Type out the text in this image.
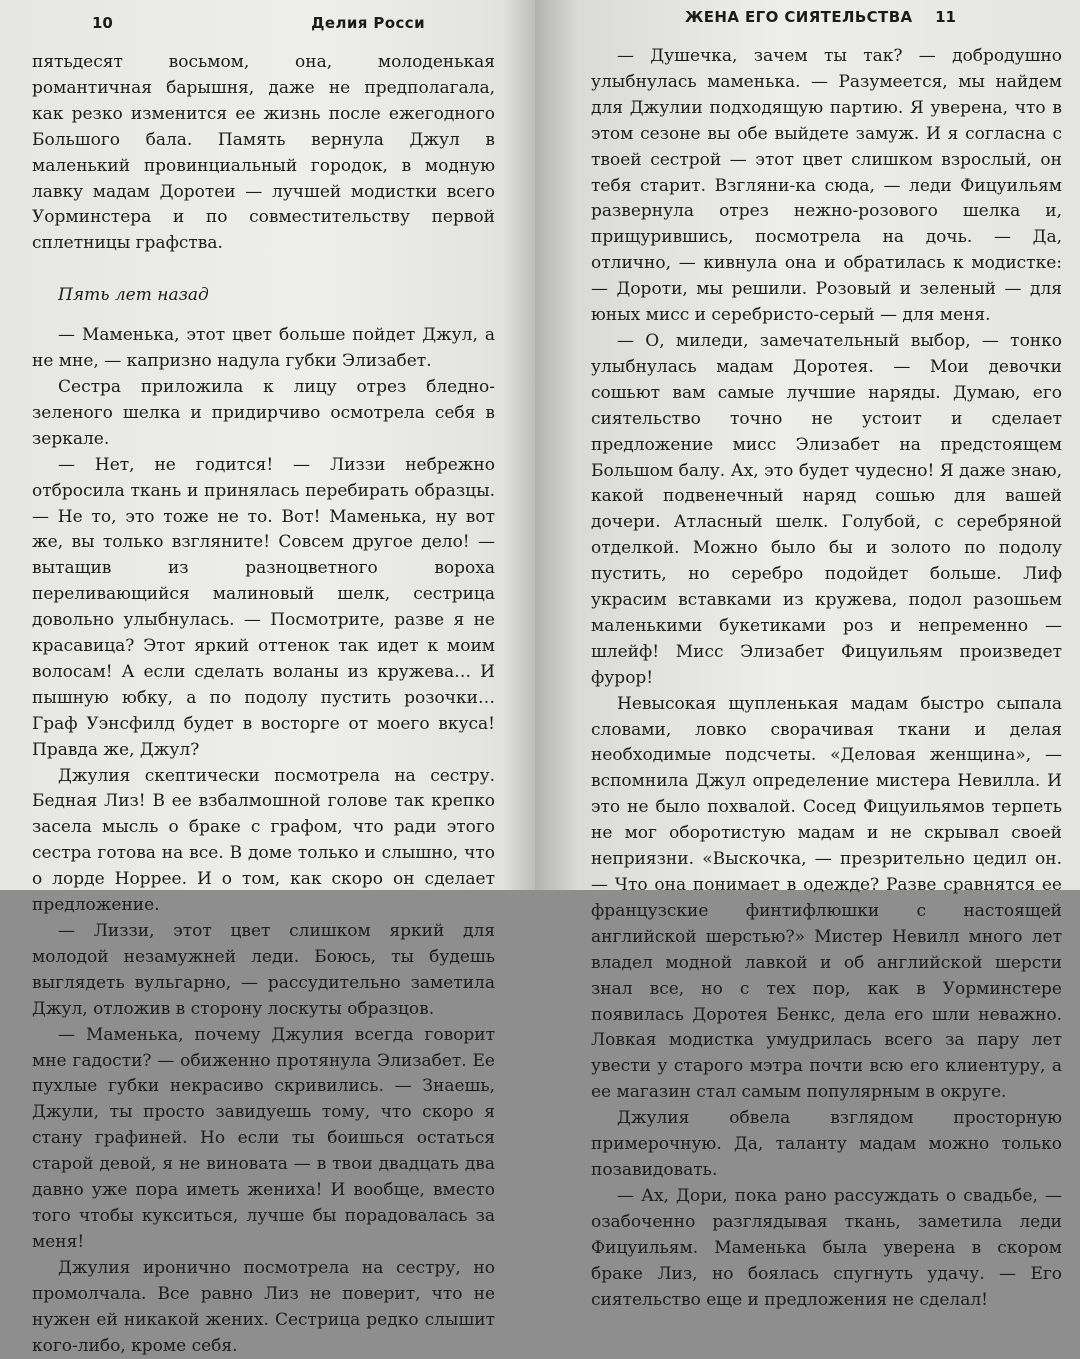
10	Делия Росси

пятьдесят восьмом, она, молоденькая романтичная барышня, даже не предполагала, как резко изменится ее жизнь после ежегодного Большого бала. Память вернула Джул в маленький провинциальный городок, в модную лавку мадам Доротеи — лучшей модистки всего Уорминстера и по совместительству первой сплетницы графства.

Пять лет назад

— Маменька, этот цвет больше пойдет Джул, а не мне, — капризно надула губки Элизабет.

Сестра приложила к лицу отрез бледно-зеленого шелка и придирчиво осмотрела себя в зеркале.

— Нет, не годится! — Лиззи небрежно отбросила ткань и принялась перебирать образцы. — Не то, это тоже не то. Вот! Маменька, ну вот же, вы только взгляните! Совсем другое дело! — вытащив из разноцветного вороха переливающийся малиновый шелк, сестрица довольно улыбнулась. — Посмотрите, разве я не красавица? Этот яркий оттенок так идет к моим волосам! А если сделать воланы из кружева… И пышную юбку, а по подолу пустить розочки… Граф Уэнсфилд будет в восторге от моего вкуса! Правда же, Джул?

Джулия скептически посмотрела на сестру. Бедная Лиз! В ее взбалмошной голове так крепко засела мысль о браке с графом, что ради этого сестра готова на все. В доме только и слышно, что о лорде Норрее. И о том, как скоро он сделает предложение.

— Лиззи, этот цвет слишком яркий для молодой незамужней леди. Боюсь, ты будешь выглядеть вульгарно, — рассудительно заметила Джул, отложив в сторону лоскуты образцов.

— Маменька, почему Джулия всегда говорит мне гадости? — обиженно протянула Элизабет. Ее пухлые губки некрасиво скривились. — Знаешь, Джули, ты просто завидуешь тому, что скоро я стану графиней. Но если ты боишься остаться старой девой, я не виновата — в твои двадцать два давно уже пора иметь жениха! И вообще, вместо того чтобы кукситься, лучше бы порадовалась за меня!

Джулия иронично посмотрела на сестру, но промолчала. Все равно Лиз не поверит, что не нужен ей никакой жених. Сестрица редко слышит кого-либо, кроме себя.

ЖЕНА ЕГО СИЯТЕЛЬСТВА 11

— Душечка, зачем ты так? — добродушно улыбнулась маменька. — Разумеется, мы найдем для Джулии подходящую партию. Я уверена, что в этом сезоне вы обе выйдете замуж. И я согласна с твоей сестрой — этот цвет слишком взрослый, он тебя старит. Взгляни-ка сюда, — леди Фицуильям развернула отрез нежно-розового шелка и, прищурившись, посмотрела на дочь. — Да, отлично, — кивнула она и обратилась к модистке: — Дороти, мы решили. Розовый и зеленый — для юных мисс и серебристо-серый — для меня.

— О, миледи, замечательный выбор, — тонко улыбнулась мадам Доротея. — Мои девочки сошьют вам самые лучшие наряды. Думаю, его сиятельство точно не устоит и сделает предложение мисс Элизабет на предстоящем Большом балу. Ах, это будет чудесно! Я даже знаю, какой подвенечный наряд сошью для вашей дочери. Атласный шелк. Голубой, с серебряной отделкой. Можно было бы и золото по подолу пустить, но серебро подойдет больше. Лиф украсим вставками из кружева, подол разошьем маленькими букетиками роз и непременно — шлейф! Мисс Элизабет Фицуильям произведет фурор!

Невысокая щупленькая мадам быстро сыпала словами, ловко сворачивая ткани и делая необходимые подсчеты. «Деловая женщина», — вспомнила Джул определение мистера Невилла. И это не было похвалой. Сосед Фицуильямов терпеть не мог оборотистую мадам и не скрывал своей неприязни. «Выскочка, — презрительно цедил он. — Что она понимает в одежде? Разве сравнятся ее французские финтифлюшки с настоящей английской шерстью?» Мистер Невилл много лет владел модной лавкой и об английской шерсти знал все, но с тех пор, как в Уорминстере появилась Доротея Бенкс, дела его шли неважно. Ловкая модистка умудрилась всего за пару лет увести у старого мэтра почти всю его клиентуру, а ее магазин стал самым популярным в округе.

Джулия обвела взглядом просторную примерочную. Да, таланту мадам можно только позавидовать.

— Ах, Дори, пока рано рассуждать о свадьбе, — озабоченно разглядывая ткань, заметила леди Фицуильям. Маменька была уверена в скором браке Лиз, но боялась спугнуть удачу. — Его сиятельство еще и предложения не сделал!
